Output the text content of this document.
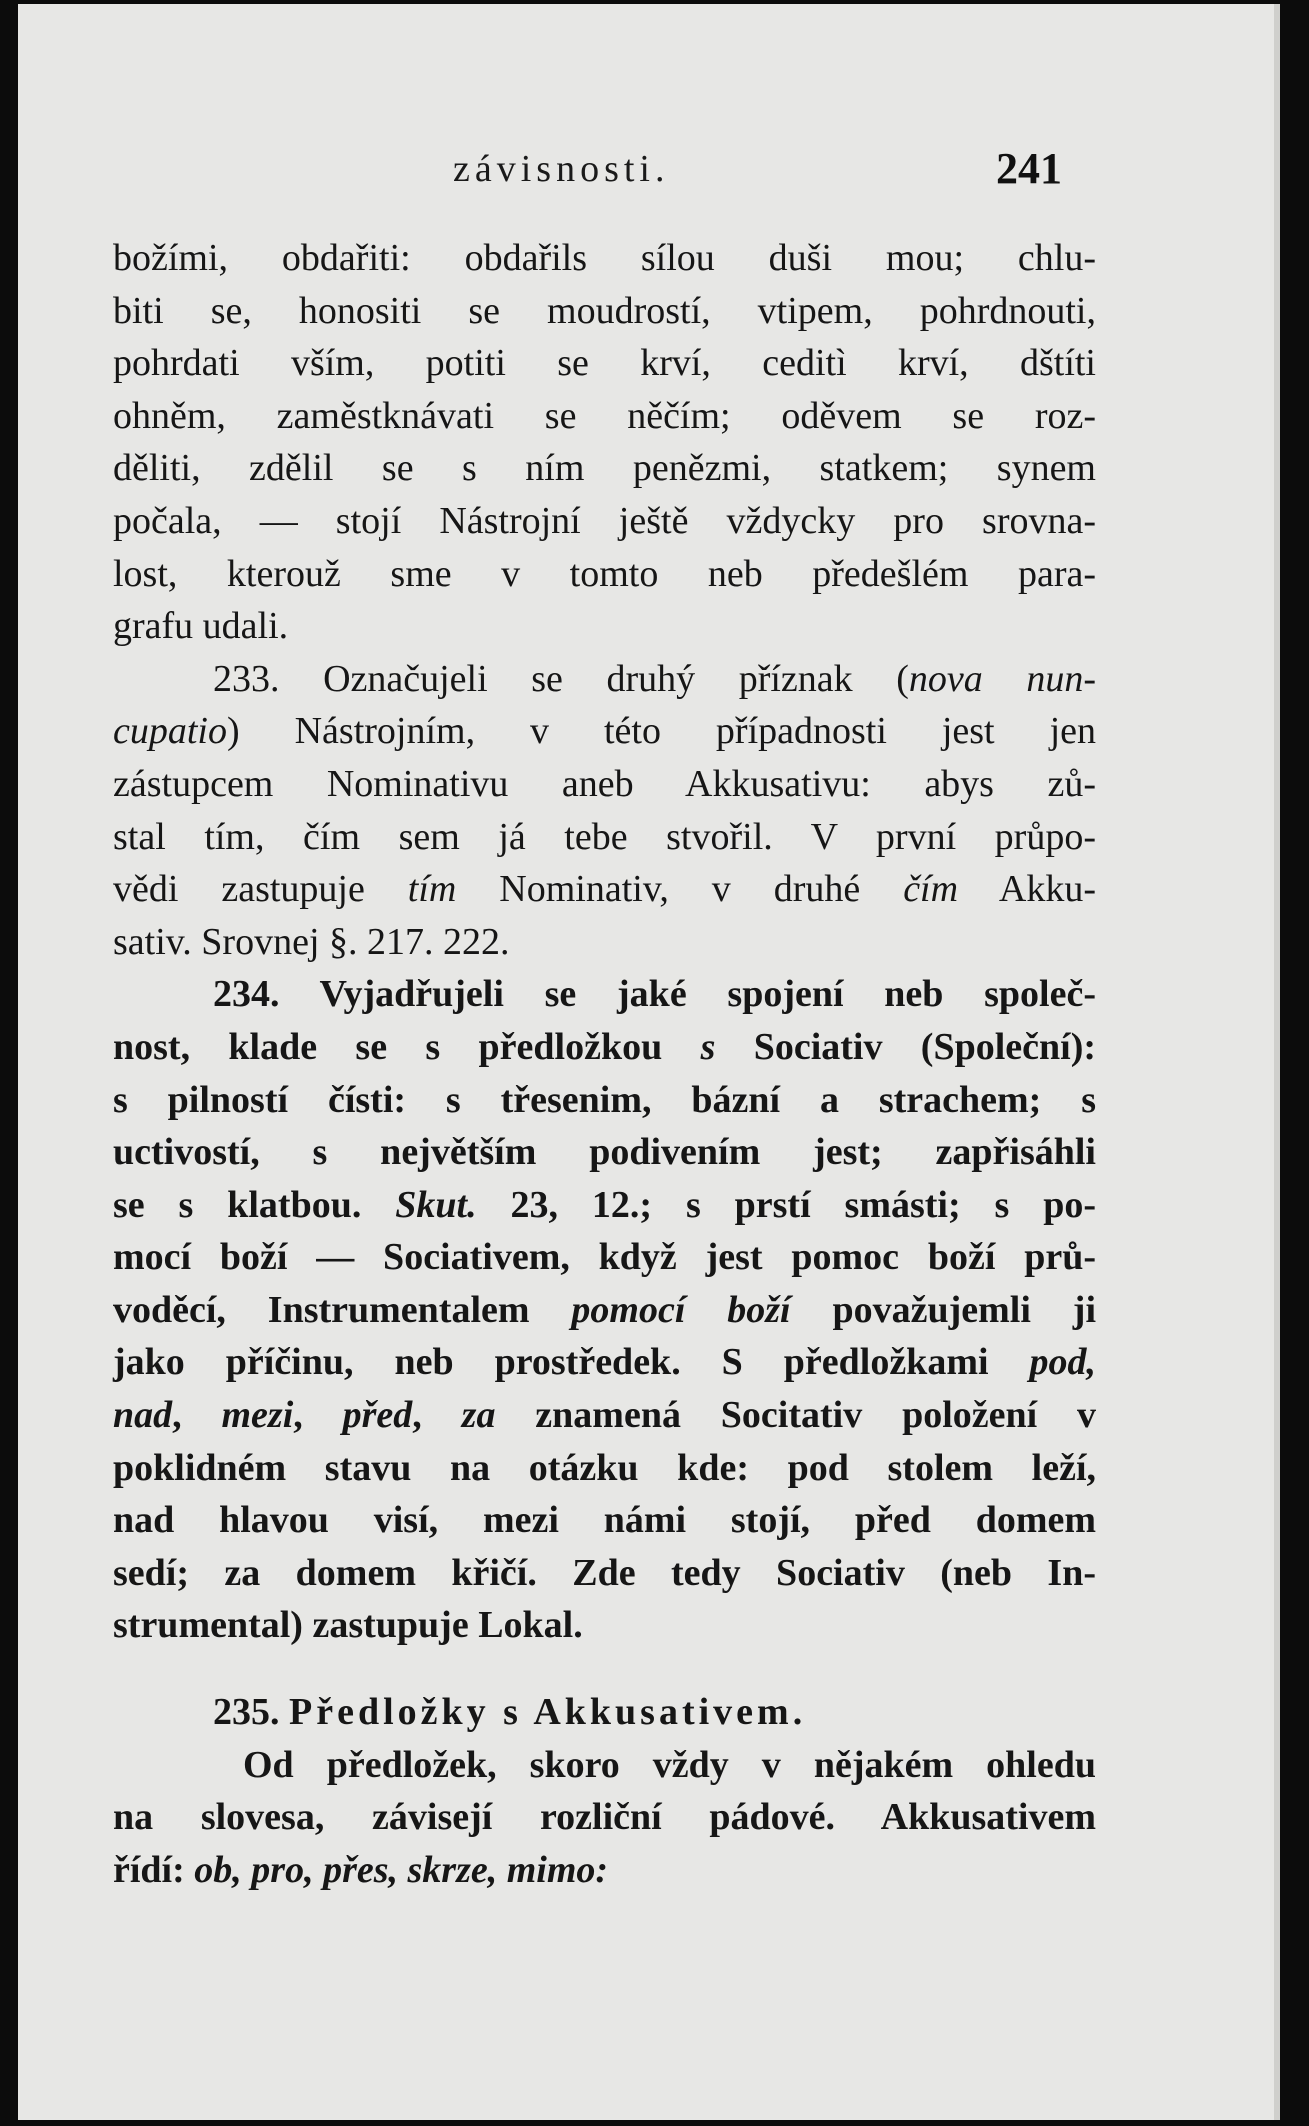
závisnosti.	241
božími, obdařiti: obdařils sílou duši mou; chlu-
biti se, honositi se moudrostí, vtipem, pohrdnouti,
pohrdati vším, potiti se krví, ceditì krví, dštíti
ohněm, zaměstknávati se něčím; oděvem se roz-
děliti, zdělil se s ním penězmi, statkem; synem
počala, — stojí Nástrojní ještě vždycky pro srovna-
lost, kterouž sme v tomto neb předešlém para-
grafu udali.
233. Označujeli se druhý příznak (nova nun-
cupatio) Nástrojním, v této případnosti jest jen
zástupcem Nominativu aneb Akkusativu: abys zů-
stal tím, čím sem já tebe stvořil. V první průpo-
vědi zastupuje tím Nominativ, v druhé čím Akku-
sativ. Srovnej §. 217. 222.
234. Vyjadřujeli se jaké spojení neb společ-
nost, klade se s předložkou s Sociativ (Společní):
s pilností čísti: s třesenim, bázní a strachem; s
uctivostí, s největším podivením jest; zapřisáhli
se s klatbou. Skut. 23, 12.; s prstí smásti; s po-
mocí boží — Sociativem, když jest pomoc boží prů-
voděcí, Instrumentalem pomocí boží považujemli ji
jako příčinu, neb prostředek. S předložkami pod,
nad, mezi, před, za znamená Socitativ položení v
poklidném stavu na otázku kde: pod stolem leží,
nad hlavou visí, mezi námi stojí, před domem
sedí; za domem křičí. Zde tedy Sociativ (neb In-
strumental) zastupuje Lokal.
235. Předložky s Akkusativem.
Od předložek, skoro vždy v nějakém ohledu
na slovesa, závisejí rozliční pádové. Akkusativem
řídí: ob, pro, přes, skrze, mimo:
